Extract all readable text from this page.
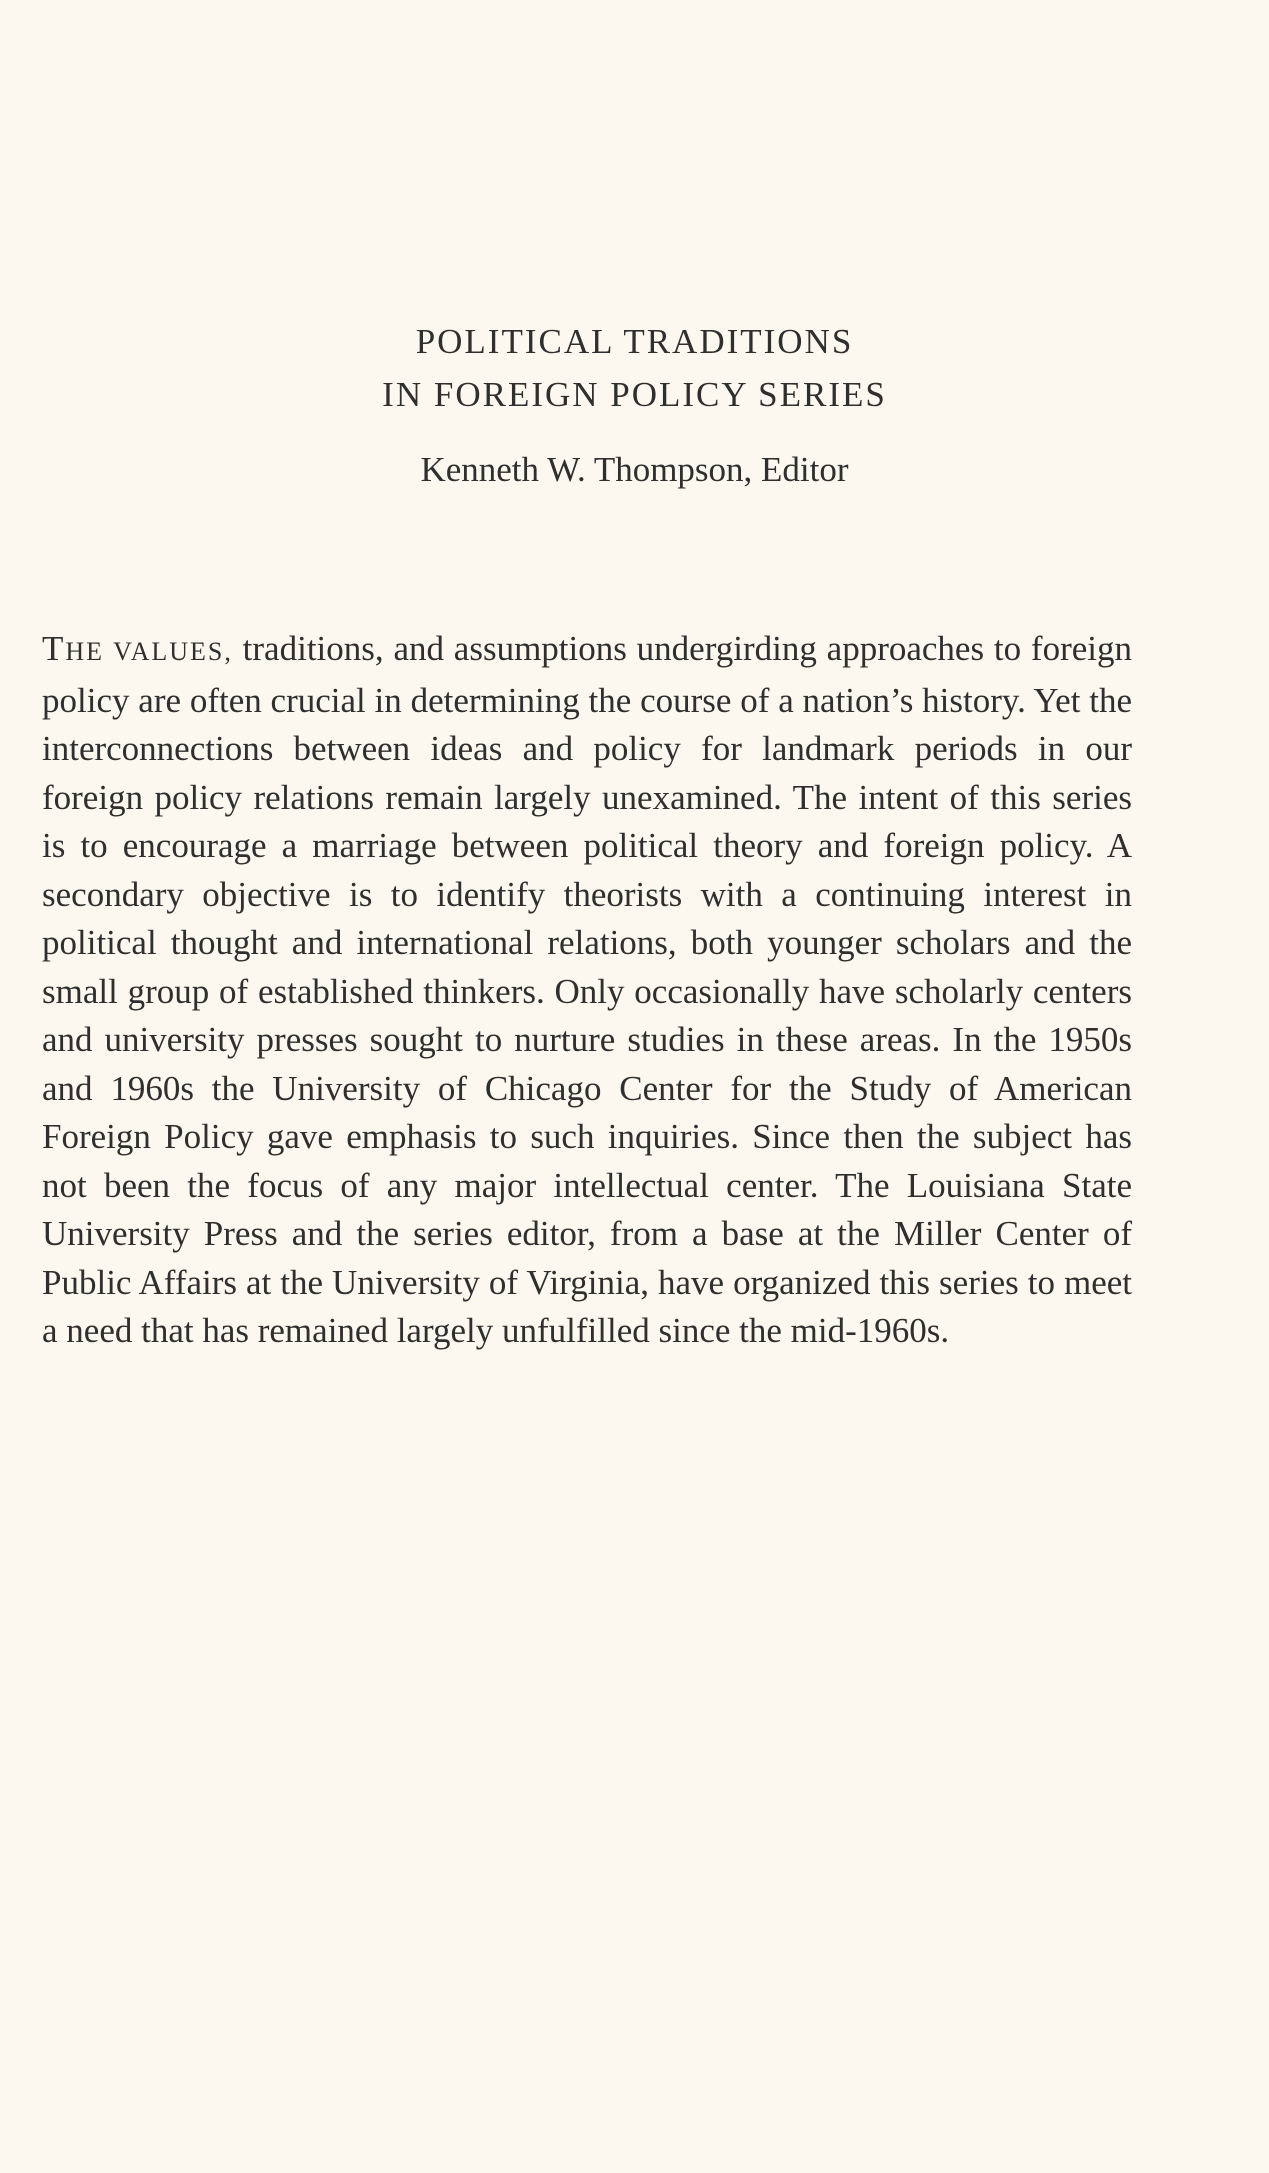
POLITICAL TRADITIONS
IN FOREIGN POLICY SERIES
Kenneth W. Thompson, Editor

THE VALUES, traditions, and assumptions undergirding approaches to foreign policy are often crucial in determining the course of a nation’s history. Yet the interconnections between ideas and policy for landmark periods in our foreign policy relations remain largely unexamined. The intent of this series is to encourage a marriage between political theory and foreign policy. A secondary objective is to identify theorists with a continuing interest in political thought and international relations, both younger scholars and the small group of established thinkers. Only occasionally have scholarly centers and university presses sought to nurture studies in these areas. In the 1950s and 1960s the University of Chicago Center for the Study of American Foreign Policy gave emphasis to such inquiries. Since then the subject has not been the focus of any major intellectual center. The Louisiana State University Press and the series editor, from a base at the Miller Center of Public Affairs at the University of Virginia, have organized this series to meet a need that has remained largely unfulfilled since the mid-1960s.
